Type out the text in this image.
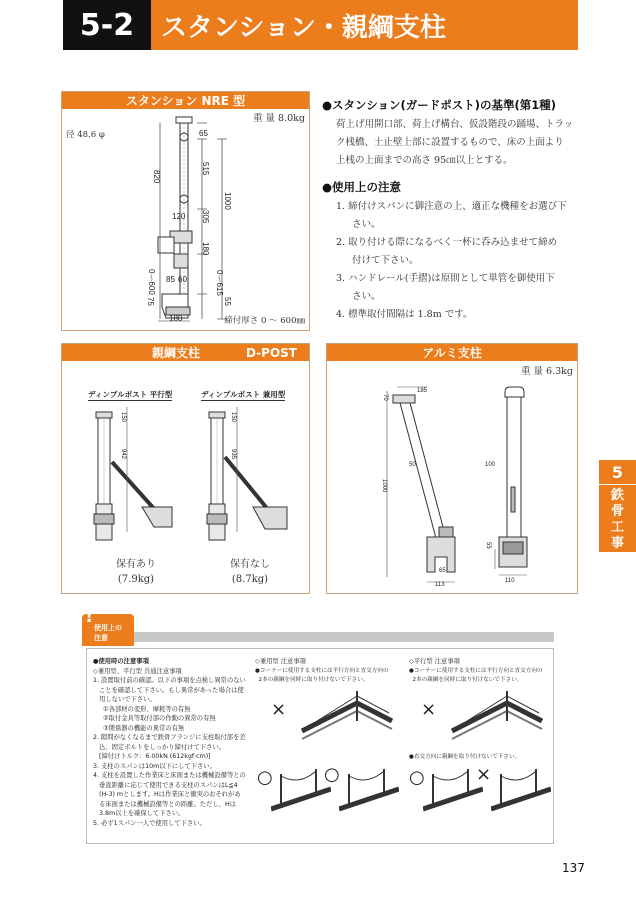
5-2	スタンション・親綱支柱
スタンション NRE 型
重 量 8.0kg
径 48.6 φ	65
515
820
120 305
1000
180
0～600 85 60	0～615
75	55
180	締付厚さ 0 ～ 600㎜
●スタンション(ガードポスト)の基準(第1種)
荷上げ用開口部、荷上げ構台、仮設階段の踊場、トラッ
ク桟橋、土止壁上部に設置するもので、床の上面より
上桟の上面までの高さ 95㎝以上とする。
●使用上の注意
1. 締付けスパンに御注意の上、適正な機種をお選び下
さい。
2. 取り付ける際になるべく一杯に呑み込ませて締め
付けて下さい。
3. ハンドレール(手摺)は原則として単管を御使用下
さい。
4. 標準取付間隔は 1.8m です。
親綱支柱	D-POST
ディンプルポスト 平行型
150
942
保有あり
(7.9kg)
ディンプルポスト 兼用型
150
935
保有なし
(8.7kg)
アルミ支柱
重 量 6.3kg
185
70
1000
50	100
65
113
55
110
5
鉄
骨
工
事
!
使用上の
注意
●使用時の注意事項
◇兼用型、平行型 共通注意事項
1. 設置取付前の確認。以下の事項を点検し異常のない
ことを確認して下さい。もし異常があった場合は使
用しないで下さい。
①各部材の変形、摩耗等の有無
②取付金具等取付部の作動の異常の有無
③関係器の機能の異常の有無
2. 隙間がなくなるまで鉄骨フランジに支柱取付部を差
込、固定ボルトをしっかり締付けて下さい。
[締付けトルク：6.00kN (612kgf·cm)]
3. 支柱のスパンは10m以下にして下さい。
4. 支柱を設置した作業床と床面または機械設備等との
垂直距離に応じて使用できる支柱のスパンはL≦4
(H-3) mとします。Hは作業床と衝突のおそれがあ
る床面または機械設備等との距離。ただし、Hは
3.8m以上を確保して下さい。
5. 必ず1スパン一人で使用して下さい。
◇兼用型 注意事項
●コーナーに使用する支柱には平行方向と直交方向の
2本の親綱を同時に取り付けないで下さい。
×
○	○
◇平行型 注意事項
●コーナーに使用する支柱には平行方向と直交方向の
2本の親綱を同時に取り付けないで下さい。
×
●直交方向に親綱を取り付けないで下さい。
○	×
137
